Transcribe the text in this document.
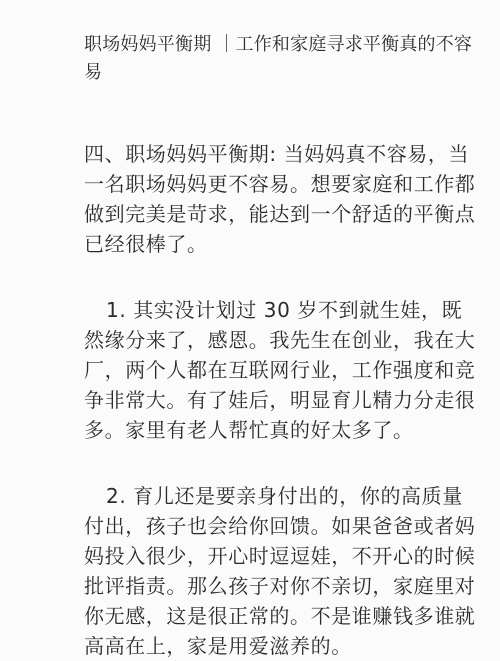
职场妈妈平衡期 ｜工作和家庭寻求平衡真的不容易

四、职场妈妈平衡期: 当妈妈真不容易，当一名职场妈妈更不容易。想要家庭和工作都做到完美是苛求，能达到一个舒适的平衡点已经很棒了。

1. 其实没计划过 30 岁不到就生娃，既然缘分来了，感恩。我先生在创业，我在大厂，两个人都在互联网行业，工作强度和竞争非常大。有了娃后，明显育儿精力分走很多。家里有老人帮忙真的好太多了。

2. 育儿还是要亲身付出的，你的高质量付出，孩子也会给你回馈。如果爸爸或者妈妈投入很少，开心时逗逗娃，不开心的时候批评指责。那么孩子对你不亲切，家庭里对你无感，这是很正常的。不是谁赚钱多谁就高高在上，家是用爱滋养的。
